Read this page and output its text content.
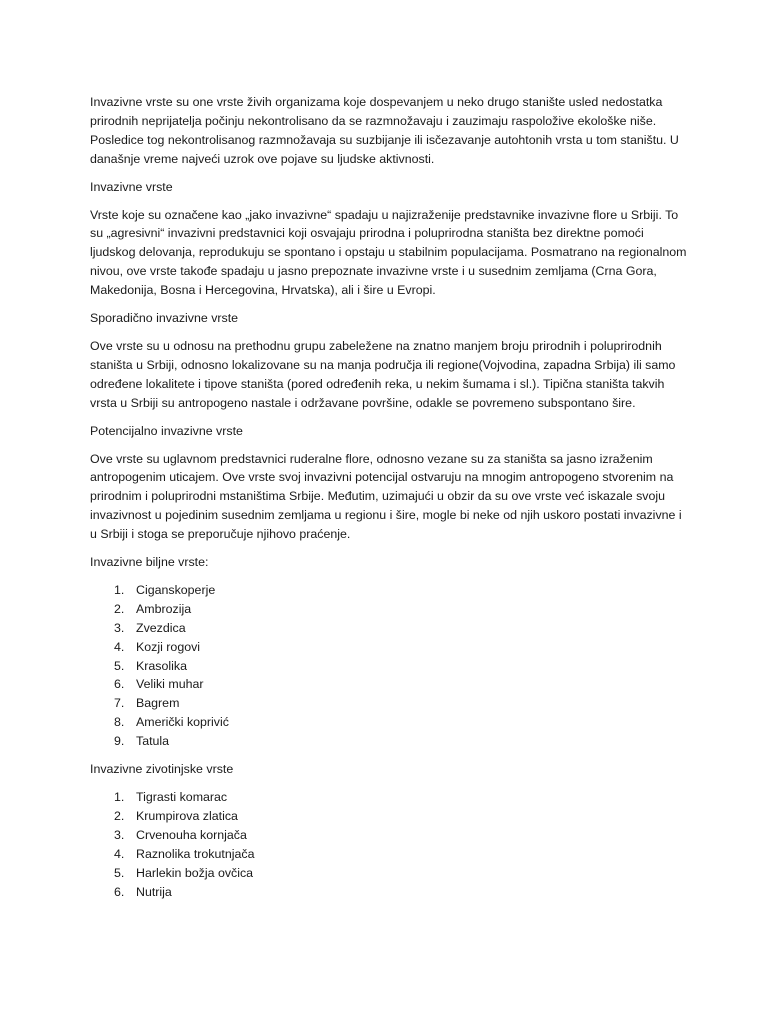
Invazivne vrste su one vrste živih organizama koje dospevanjem u neko drugo stanište usled nedostatka prirodnih neprijatelja počinju nekontrolisano da se razmnožavaju i zauzimaju raspoložive ekološke niše. Posledice tog nekontrolisanog razmnožavaja su suzbijanje ili isčezavanje autohtonih vrsta u tom staništu. U današnje vreme najveći uzrok ove pojave su ljudske aktivnosti.

Invazivne vrste

Vrste koje su označene kao „jako invazivne“ spadaju u najizraženije predstavnike invazivne flore u Srbiji. To su „agresivni“ invazivni predstavnici koji osvajaju prirodna i poluprirodna staništa bez direktne pomoći ljudskog delovanja, reprodukuju se spontano i opstaju u stabilnim populacijama. Posmatrano na regionalnom nivou, ove vrste takođe spadaju u jasno prepoznate invazivne vrste i u susednim zemljama (Crna Gora, Makedonija, Bosna i Hercegovina, Hrvatska), ali i šire u Evropi.

Sporadično invazivne vrste

Ove vrste su u odnosu na prethodnu grupu zabeležene na znatno manjem broju prirodnih i poluprirodnih staništa u Srbiji, odnosno lokalizovane su na manja područja ili regione(Vojvodina, zapadna Srbija) ili samo određene lokalitete i tipove staništa (pored određenih reka, u nekim šumama i sl.). Tipična staništa takvih vrsta u Srbiji su antropogeno nastale i održavane površine, odakle se povremeno subspontano šire.

Potencijalno invazivne vrste

Ove vrste su uglavnom predstavnici ruderalne flore, odnosno vezane su za staništa sa jasno izraženim antropogenim uticajem. Ove vrste svoj invazivni potencijal ostvaruju na mnogim antropogeno stvorenim na prirodnim i poluprirodni mstaništima Srbije. Međutim, uzimajući u obzir da su ove vrste već iskazale svoju invazivnost u pojedinim susednim zemljama u regionu i šire, mogle bi neke od njih uskoro postati invazivne i u Srbiji i stoga se preporučuje njihovo praćenje.

Invazivne biljne vrste:
1. Ciganskoperje
2. Ambrozija
3. Zvezdica
4. Kozji rogovi
5. Krasolika
6. Veliki muhar
7. Bagrem
8. Američki koprivić
9. Tatula
Invazivne zivotinjske vrste
1. Tigrasti komarac
2. Krumpirova zlatica
3. Crvenouha kornjača
4. Raznolika trokutnjača
5. Harlekin božja ovčica
6. Nutrija
